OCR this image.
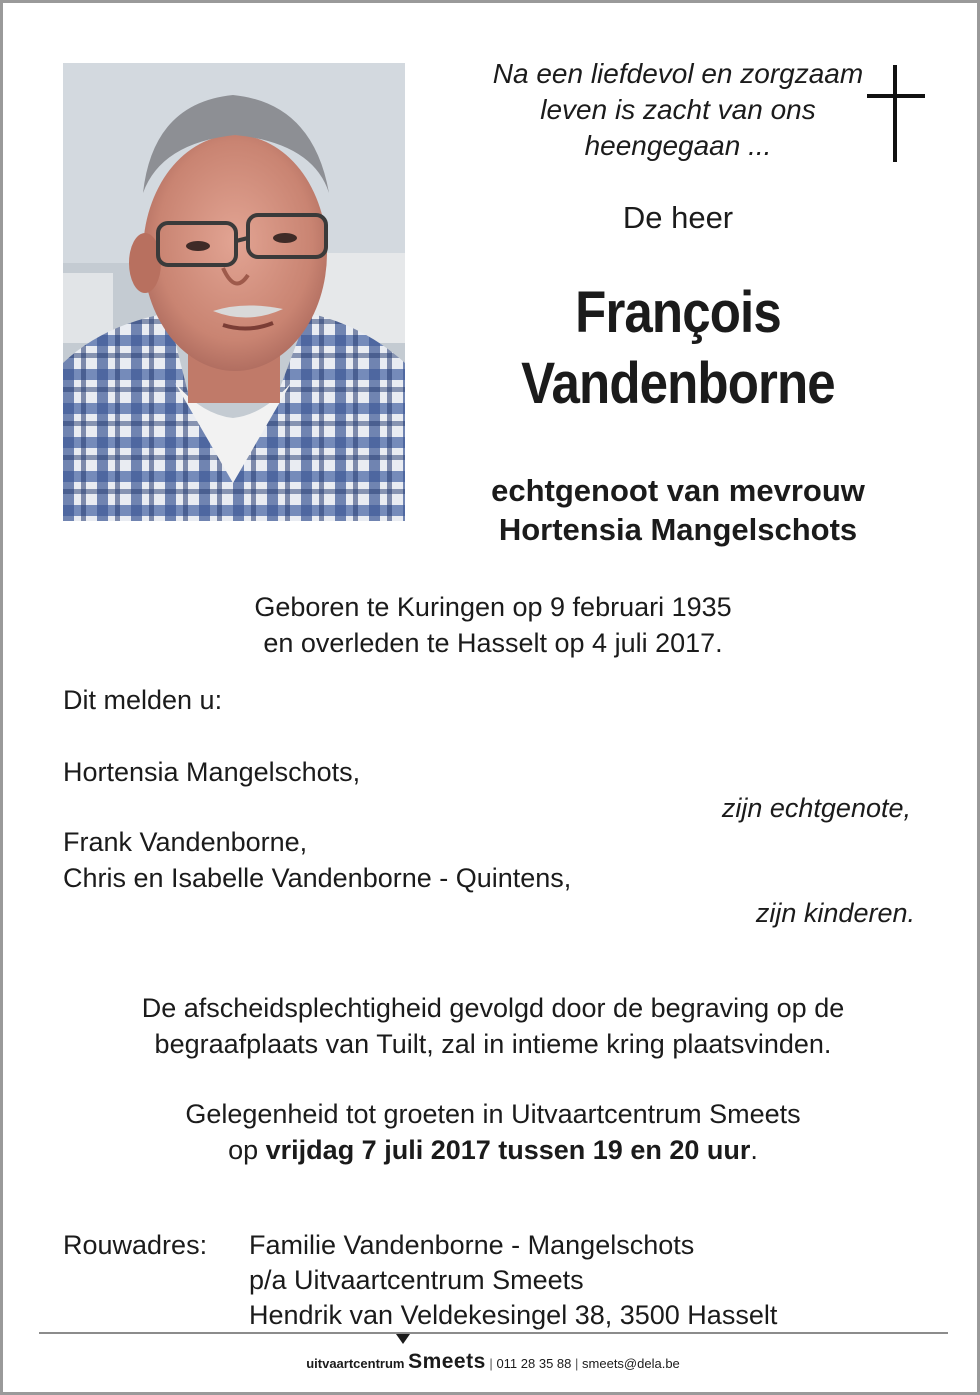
Na een liefdevol en zorgzaam
leven is zacht van ons
heengegaan ...
De heer
François
Vandenborne
echtgenoot van mevrouw
Hortensia Mangelschots
Geboren te Kuringen op 9 februari 1935
en overleden te Hasselt op 4 juli 2017.
Dit melden u:
Hortensia Mangelschots,
zijn echtgenote,
Frank Vandenborne,
Chris en Isabelle Vandenborne - Quintens,
zijn kinderen.
De afscheidsplechtigheid gevolgd door de begraving op de
begraafplaats van Tuilt, zal in intieme kring plaatsvinden.
Gelegenheid tot groeten in Uitvaartcentrum Smeets
op vrijdag 7 juli 2017 tussen 19 en 20 uur.
Rouwadres: Familie Vandenborne - Mangelschots
p/a Uitvaartcentrum Smeets
Hendrik van Veldekesingel 38, 3500 Hasselt
uitvaartcentrum Smeets | 011 28 35 88 | smeets@dela.be
